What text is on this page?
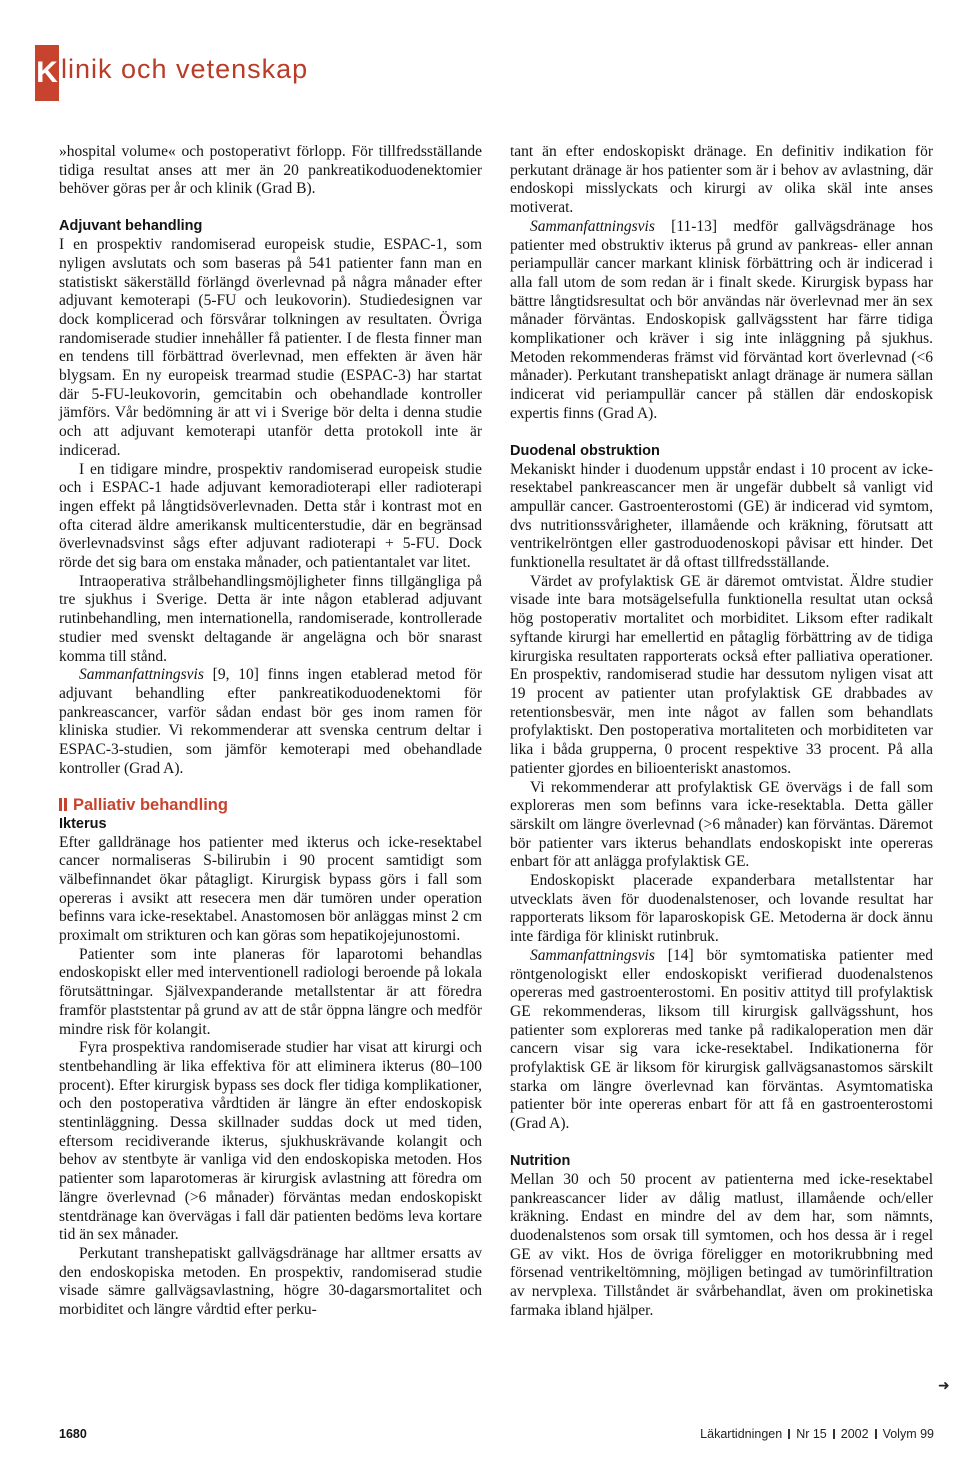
K linik och vetenskap

»hospital volume« och postoperativt förlopp. För tillfredsställande tidiga resultat anses att mer än 20 pankreatikoduodenektomier behöver göras per år och klinik (Grad B).

Adjuvant behandling

I en prospektiv randomiserad europeisk studie, ESPAC-1, som nyligen avslutats och som baseras på 541 patienter fann man en statistiskt säkerställd förlängd överlevnad på några månader efter adjuvant kemoterapi (5-FU och leukovorin). Studiedesignen var dock komplicerad och försvårar tolkningen av resultaten. Övriga randomiserade studier innehåller få patienter. I de flesta finner man en tendens till förbättrad överlevnad, men effekten är även här blygsam. En ny europeisk trearmad studie (ESPAC-3) har startat där 5-FU-leukovorin, gemcitabin och obehandlade kontroller jämförs. Vår bedömning är att vi i Sverige bör delta i denna studie och att adjuvant kemoterapi utanför detta protokoll inte är indicerad.

I en tidigare mindre, prospektiv randomiserad europeisk studie och i ESPAC-1 hade adjuvant kemoradioterapi eller radioterapi ingen effekt på långtidsöverlevnaden. Detta står i kontrast mot en ofta citerad äldre amerikansk multicenterstudie, där en begränsad överlevnadsvinst sågs efter adjuvant radioterapi + 5-FU. Dock rörde det sig bara om enstaka månader, och patientantalet var litet.

Intraoperativa strålbehandlingsmöjligheter finns tillgängliga på tre sjukhus i Sverige. Detta är inte någon etablerad adjuvant rutinbehandling, men internationella, randomiserade, kontrollerade studier med svenskt deltagande är angelägna och bör snarast komma till stånd.

Sammanfattningsvis [9, 10] finns ingen etablerad metod för adjuvant behandling efter pankreatikoduodenektomi för pankreascancer, varför sådan endast bör ges inom ramen för kliniska studier. Vi rekommenderar att svenska centrum deltar i ESPAC-3-studien, som jämför kemoterapi med obehandlade kontroller (Grad A).

Palliativ behandling
Ikterus

Efter galldränage hos patienter med ikterus och icke-resektabel cancer normaliseras S-bilirubin i 90 procent samtidigt som välbefinnandet ökar påtagligt. Kirurgisk bypass görs i fall som opereras i avsikt att resecera men där tumören under operation befinns vara icke-resektabel. Anastomosen bör anläggas minst 2 cm proximalt om strikturen och kan göras som hepatikojejunostomi.

Patienter som inte planeras för laparotomi behandlas endoskopiskt eller med interventionell radiologi beroende på lokala förutsättningar. Självexpanderande metallstentar är att föredra framför plaststentar på grund av att de står öppna längre och medför mindre risk för kolangit.

Fyra prospektiva randomiserade studier har visat att kirurgi och stentbehandling är lika effektiva för att eliminera ikterus (80–100 procent). Efter kirurgisk bypass ses dock fler tidiga komplikationer, och den postoperativa vårdtiden är längre än efter endoskopisk stentinläggning. Dessa skillnader suddas dock ut med tiden, eftersom recidiverande ikterus, sjukhuskrävande kolangit och behov av stentbyte är vanliga vid den endoskopiska metoden. Hos patienter som laparotomeras är kirurgisk avlastning att föredra om längre överlevnad (>6 månader) förväntas medan endoskopiskt stentdränage kan övervägas i fall där patienten bedöms leva kortare tid än sex månader.

Perkutant transhepatiskt gallvägsdränage har alltmer ersatts av den endoskopiska metoden. En prospektiv, randomiserad studie visade sämre gallvägsavlastning, högre 30-dagarsmortalitet och morbiditet och längre vårdtid efter perku-

tant än efter endoskopiskt dränage. En definitiv indikation för perkutant dränage är hos patienter som är i behov av avlastning, där endoskopi misslyckats och kirurgi av olika skäl inte anses motiverat.

Sammanfattningsvis [11-13] medför gallvägsdränage hos patienter med obstruktiv ikterus på grund av pankreas- eller annan periampullär cancer markant klinisk förbättring och är indicerad i alla fall utom de som redan är i finalt skede. Kirurgisk bypass har bättre långtidsresultat och bör användas när överlevnad mer än sex månader förväntas. Endoskopisk gallvägsstent har färre tidiga komplikationer och kräver i sig inte inläggning på sjukhus. Metoden rekommenderas främst vid förväntad kort överlevnad (<6 månader). Perkutant transhepatiskt anlagt dränage är numera sällan indicerat vid periampullär cancer på ställen där endoskopisk expertis finns (Grad A).

Duodenal obstruktion

Mekaniskt hinder i duodenum uppstår endast i 10 procent av icke-resektabel pankreascancer men är ungefär dubbelt så vanligt vid ampullär cancer. Gastroenterostomi (GE) är indicerad vid symtom, dvs nutritionssvårigheter, illamående och kräkning, förutsatt att ventrikelröntgen eller gastroduodenoskopi påvisar ett hinder. Det funktionella resultatet är då oftast tillfredsställande.

Värdet av profylaktisk GE är däremot omtvistat. Äldre studier visade inte bara motsägelsefulla funktionella resultat utan också hög postoperativ mortalitet och morbiditet. Liksom efter radikalt syftande kirurgi har emellertid en påtaglig förbättring av de tidiga kirurgiska resultaten rapporterats också efter palliativa operationer. En prospektiv, randomiserad studie har dessutom nyligen visat att 19 procent av patienter utan profylaktisk GE drabbades av retentionsbesvär, men inte något av fallen som behandlats profylaktiskt. Den postoperativa mortaliteten och morbiditeten var lika i båda grupperna, 0 procent respektive 33 procent. På alla patienter gjordes en bilioenteriskt anastomos.

Vi rekommenderar att profylaktisk GE övervägs i de fall som exploreras men som befinns vara icke-resektabla. Detta gäller särskilt om längre överlevnad (>6 månader) kan förväntas. Däremot bör patienter vars ikterus behandlats endoskopiskt inte opereras enbart för att anlägga profylaktisk GE.

Endoskopiskt placerade expanderbara metallstentar har utvecklats även för duodenalstenoser, och lovande resultat har rapporterats liksom för laparoskopisk GE. Metoderna är dock ännu inte färdiga för kliniskt rutinbruk.

Sammanfattningsvis [14] bör symtomatiska patienter med röntgenologiskt eller endoskopiskt verifierad duodenalstenos opereras med gastroenterostomi. En positiv attityd till profylaktisk GE rekommenderas, liksom till kirurgisk gallvägsshunt, hos patienter som exploreras med tanke på radikaloperation men där cancern visar sig vara icke-resektabel. Indikationerna för profylaktisk GE är liksom för kirurgisk gallvägsanastomos särskilt starka om längre överlevnad kan förväntas. Asymtomatiska patienter bör inte opereras enbart för att få en gastroenterostomi (Grad A).

Nutrition

Mellan 30 och 50 procent av patienterna med icke-resektabel pankreascancer lider av dålig matlust, illamående och/eller kräkning. Endast en mindre del av dem har, som nämnts, duodenalstenos som orsak till symtomen, och hos dessa är i regel GE av vikt. Hos de övriga föreligger en motorikrubbning med försenad ventrikeltömning, möjligen betingad av tumörinfiltration av nervplexa. Tillståndet är svårbehandlat, även om prokinetiska farmaka ibland hjälper.

➜
1680	Läkartidningen Nr 15 2002 Volym 99
